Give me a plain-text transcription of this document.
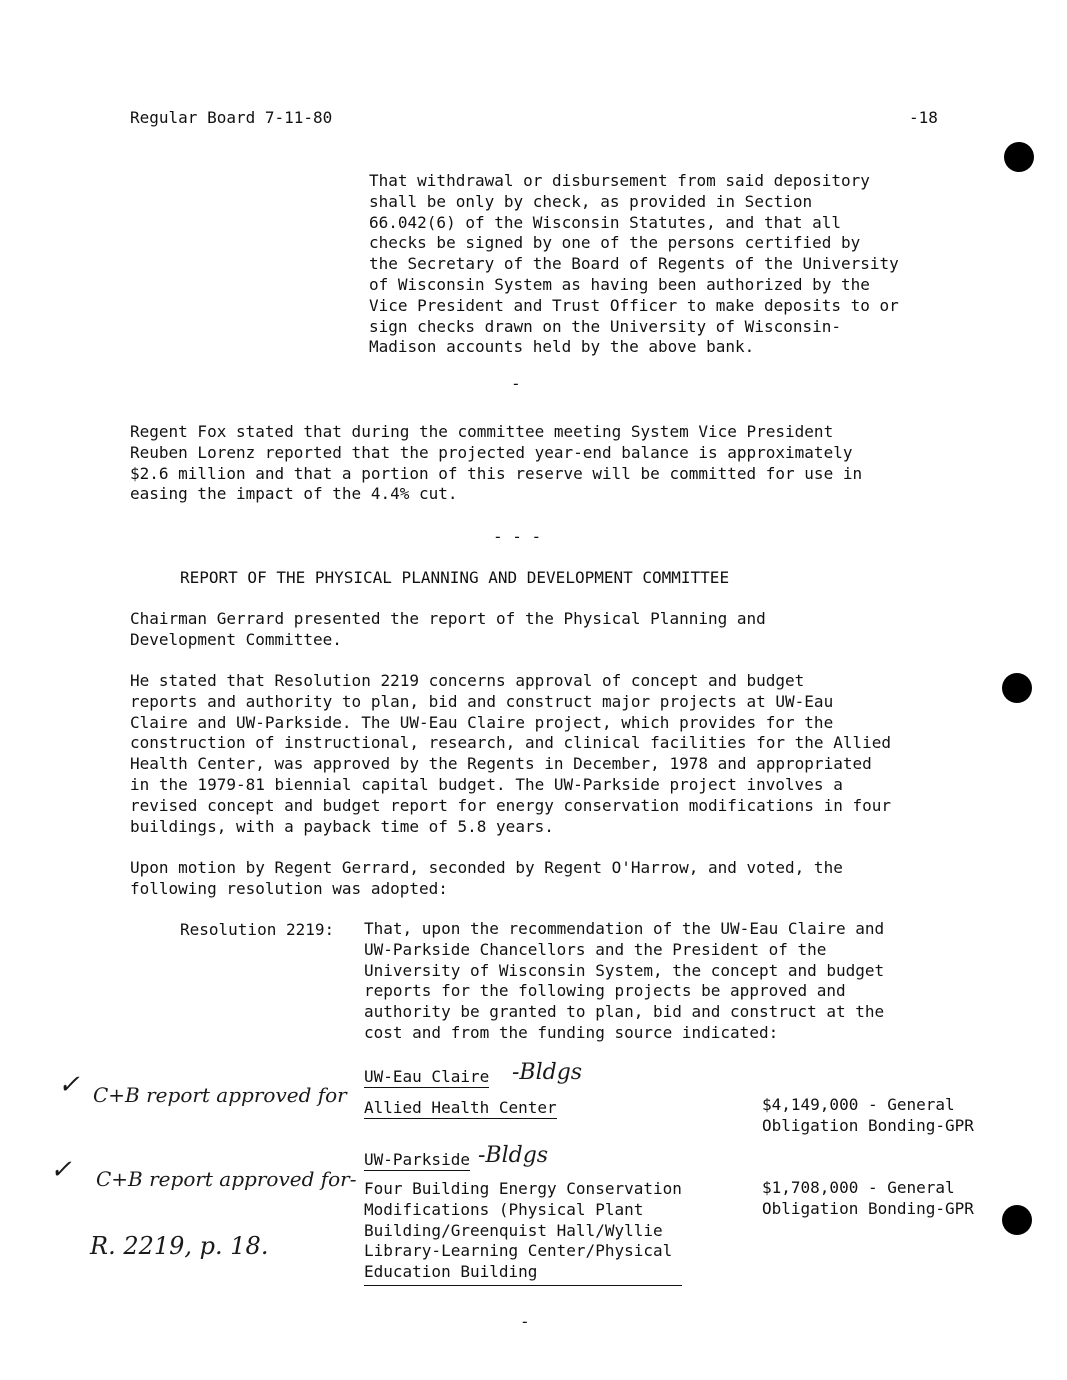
Regular Board 7-11-80	-18
That withdrawal or disbursement from said depository
shall be only by check, as provided in Section
66.042(6) of the Wisconsin Statutes, and that all
checks be signed by one of the persons certified by
the Secretary of the Board of Regents of the University
of Wisconsin System as having been authorized by the
Vice President and Trust Officer to make deposits to or
sign checks drawn on the University of Wisconsin-
Madison accounts held by the above bank.
-
Regent Fox stated that during the committee meeting System Vice President
Reuben Lorenz reported that the projected year-end balance is approximately
$2.6 million and that a portion of this reserve will be committed for use in
easing the impact of the 4.4% cut.
- - -
REPORT OF THE PHYSICAL PLANNING AND DEVELOPMENT COMMITTEE
Chairman Gerrard presented the report of the Physical Planning and
Development Committee.
He stated that Resolution 2219 concerns approval of concept and budget
reports and authority to plan, bid and construct major projects at UW-Eau
Claire and UW-Parkside. The UW-Eau Claire project, which provides for the
construction of instructional, research, and clinical facilities for the Allied
Health Center, was approved by the Regents in December, 1978 and appropriated
in the 1979-81 biennial capital budget. The UW-Parkside project involves a
revised concept and budget report for energy conservation modifications in four
buildings, with a payback time of 5.8 years.
Upon motion by Regent Gerrard, seconded by Regent O'Harrow, and voted, the
following resolution was adopted:
Resolution 2219: That, upon the recommendation of the UW-Eau Claire and
UW-Parkside Chancellors and the President of the
University of Wisconsin System, the concept and budget
reports for the following projects be approved and
authority be granted to plan, bid and construct at the
cost and from the funding source indicated:
UW-Eau Claire -Bldgs
Allied Health Center	$4,149,000 - General
Obligation Bonding-GPR
✓ C+B report approved for
UW-Parkside -Bldgs
Four Building Energy Conservation
Modifications (Physical Plant
Building/Greenquist Hall/Wyllie
Library-Learning Center/Physical
Education Building
$1,708,000 - General
Obligation Bonding-GPR
✓ C+B report approved for-
R. 2219, p. 18.
-
